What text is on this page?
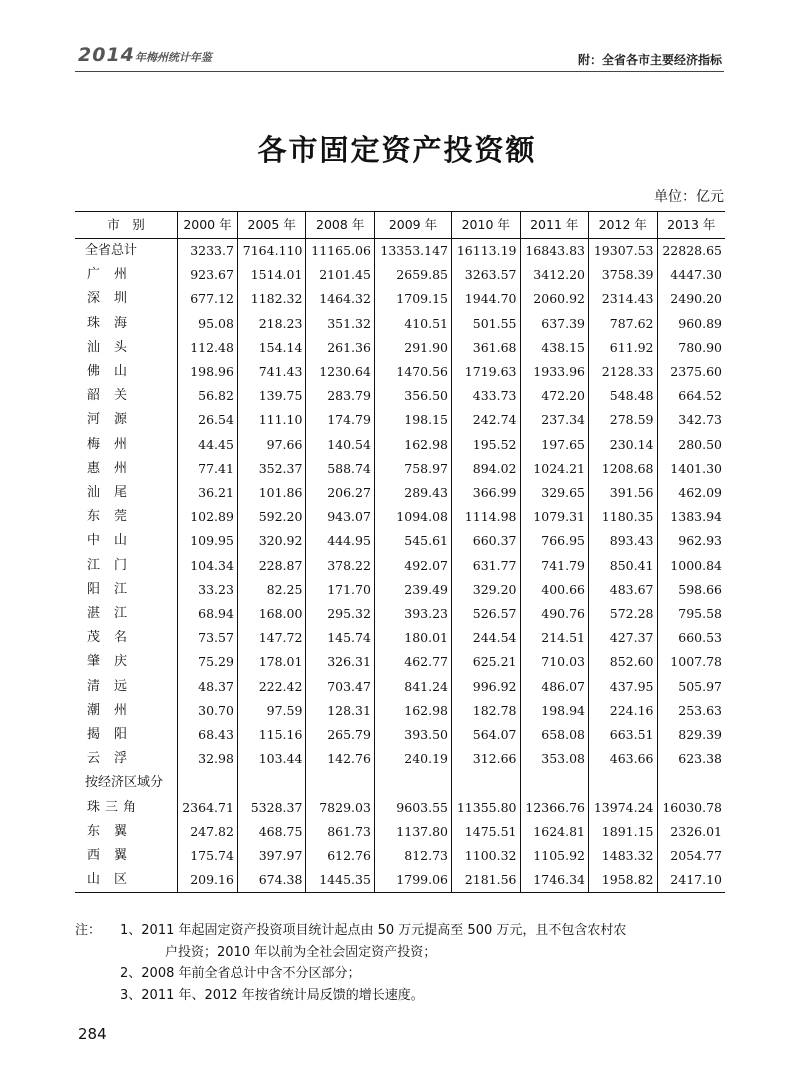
2014年梅州统计年鉴	附：全省各市主要经济指标
各市固定资产投资额
单位：亿元
市　别	2000 年	2005 年	2008 年	2009 年	2010 年	2011 年	2012 年	2013 年
全省总计	3233.7	7164.110	11165.06	13353.147	16113.19	16843.83	19307.53	22828.65
广州	923.67	1514.01	2101.45	2659.85	3263.57	3412.20	3758.39	4447.30
深圳	677.12	1182.32	1464.32	1709.15	1944.70	2060.92	2314.43	2490.20
珠海	95.08	218.23	351.32	410.51	501.55	637.39	787.62	960.89
汕头	112.48	154.14	261.36	291.90	361.68	438.15	611.92	780.90
佛山	198.96	741.43	1230.64	1470.56	1719.63	1933.96	2128.33	2375.60
韶关	56.82	139.75	283.79	356.50	433.73	472.20	548.48	664.52
河源	26.54	111.10	174.79	198.15	242.74	237.34	278.59	342.73
梅州	44.45	97.66	140.54	162.98	195.52	197.65	230.14	280.50
惠州	77.41	352.37	588.74	758.97	894.02	1024.21	1208.68	1401.30
汕尾	36.21	101.86	206.27	289.43	366.99	329.65	391.56	462.09
东莞	102.89	592.20	943.07	1094.08	1114.98	1079.31	1180.35	1383.94
中山	109.95	320.92	444.95	545.61	660.37	766.95	893.43	962.93
江门	104.34	228.87	378.22	492.07	631.77	741.79	850.41	1000.84
阳江	33.23	82.25	171.70	239.49	329.20	400.66	483.67	598.66
湛江	68.94	168.00	295.32	393.23	526.57	490.76	572.28	795.58
茂名	73.57	147.72	145.74	180.01	244.54	214.51	427.37	660.53
肇庆	75.29	178.01	326.31	462.77	625.21	710.03	852.60	1007.78
清远	48.37	222.42	703.47	841.24	996.92	486.07	437.95	505.97
潮州	30.70	97.59	128.31	162.98	182.78	198.94	224.16	253.63
揭阳	68.43	115.16	265.79	393.50	564.07	658.08	663.51	829.39
云浮	32.98	103.44	142.76	240.19	312.66	353.08	463.66	623.38
按经济区域分								
珠三角	2364.71	5328.37	7829.03	9603.55	11355.80	12366.76	13974.24	16030.78
东翼	247.82	468.75	861.73	1137.80	1475.51	1624.81	1891.15	2326.01
西翼	175.74	397.97	612.76	812.73	1100.32	1105.92	1483.32	2054.77
山区	209.16	674.38	1445.35	1799.06	2181.56	1746.34	1958.82	2417.10
注： 1、2011 年起固定资产投资项目统计起点由 50 万元提高至 500 万元，且不包含农村农
户投资；2010 年以前为全社会固定资产投资；
2、2008 年前全省总计中含不分区部分；
3、2011 年、2012 年按省统计局反馈的增长速度。
284
